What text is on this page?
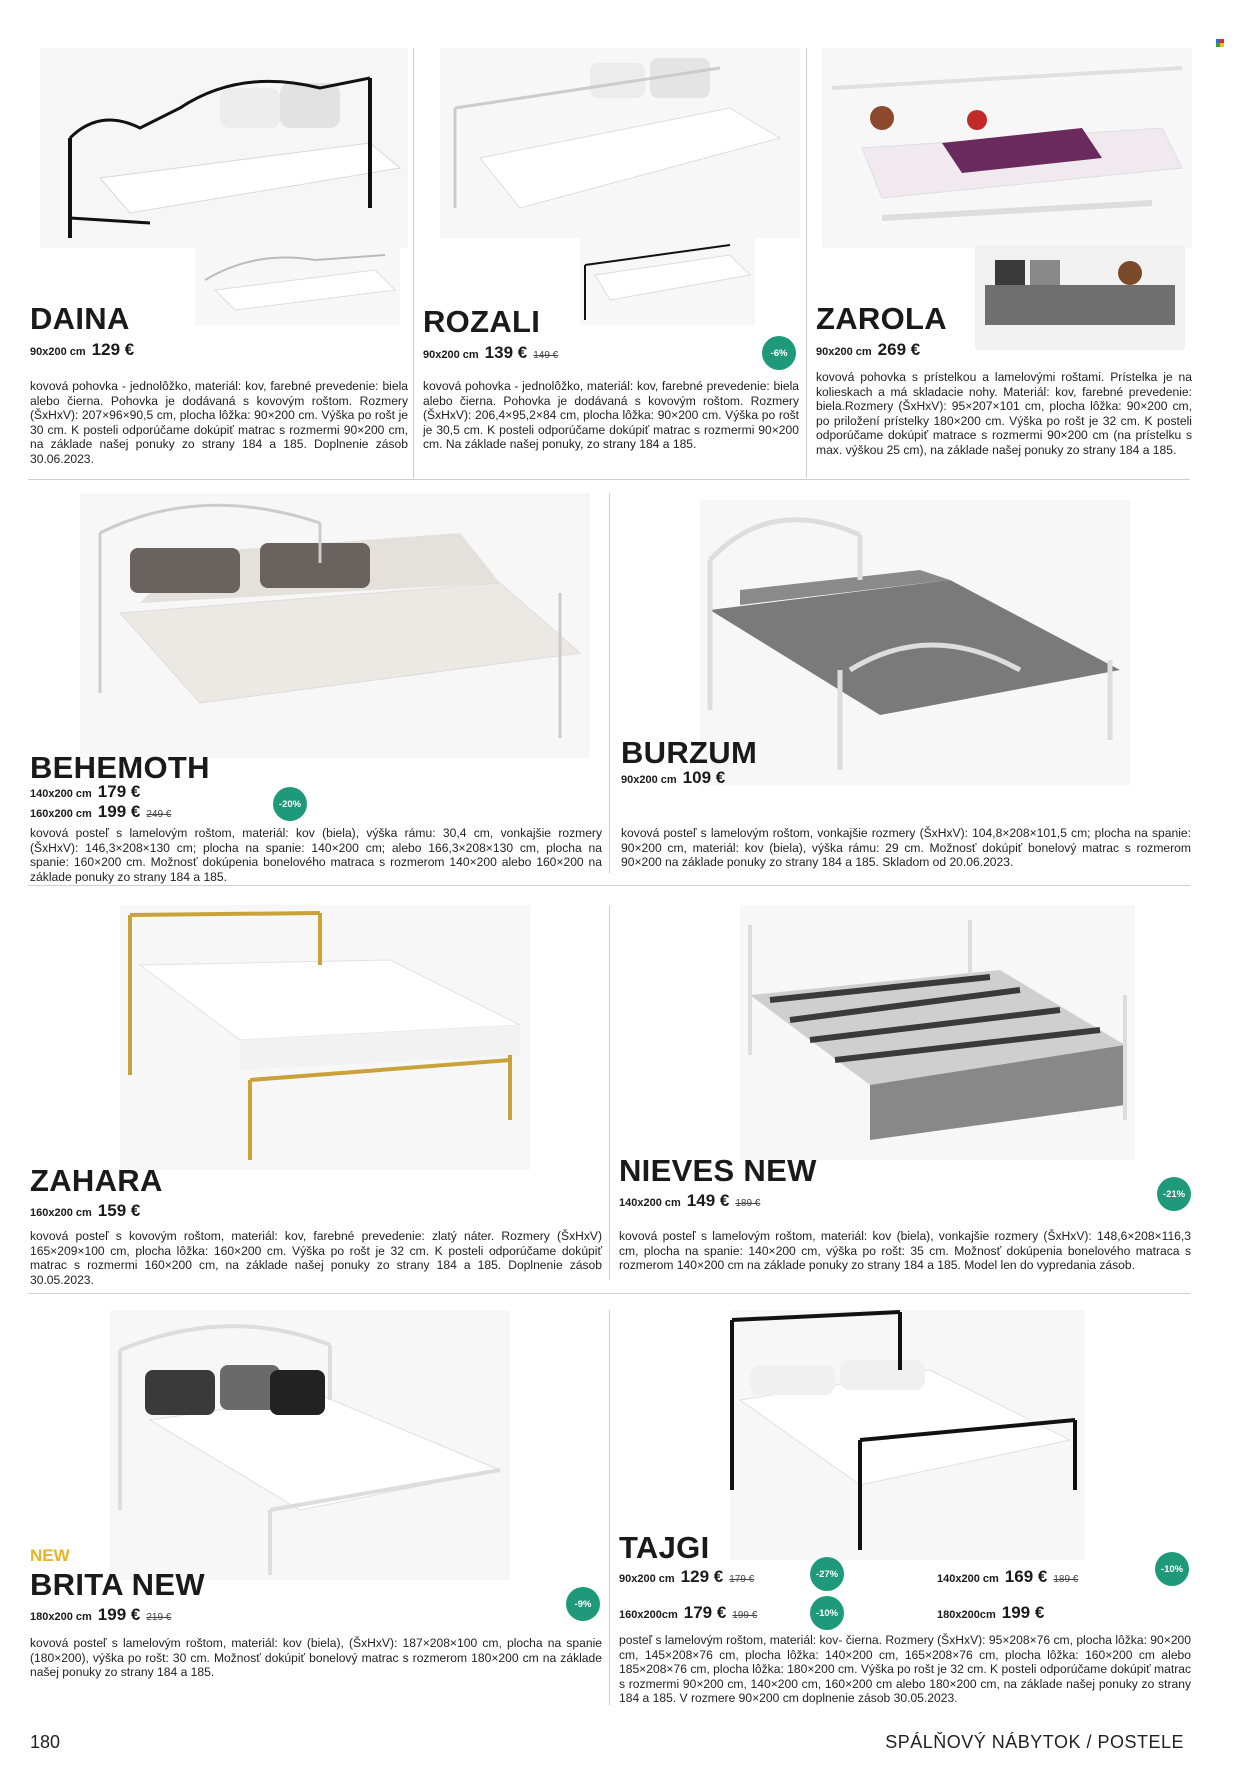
DAINA
90x200 cm 129 €
kovová pohovka - jednolôžko, materiál: kov, farebné prevedenie: biela alebo čierna. Pohovka je dodávaná s kovovým roštom. Rozmery (ŠxHxV): 207×96×90,5 cm, plocha lôžka: 90×200 cm. Výška po rošt je 30 cm. K posteli odporúčame dokúpiť matrac s rozmermi 90×200 cm, na základe našej ponuky zo strany 184 a 185. Doplnenie zásob 30.06.2023.
ROZALI
90x200 cm 139 € 149 €	-6%
kovová pohovka - jednolôžko, materiál: kov, farebné prevedenie: biela alebo čierna. Pohovka je dodávaná s kovovým roštom. Rozmery (ŠxHxV): 206,4×95,2×84 cm, plocha lôžka: 90×200 cm. Výška po rošt je 30,5 cm. K posteli odporúčame dokúpiť matrac s rozmermi 90×200 cm. Na základe našej ponuky, zo strany 184 a 185.
ZAROLA
90x200 cm 269 €
kovová pohovka s prístelkou a lamelovými roštami. Prístelka je na kolieskach a má skladacie nohy. Materiál: kov, farebné prevedenie: biela.Rozmery (ŠxHxV): 95×207×101 cm, plocha lôžka: 90×200 cm, po priložení prístelky 180×200 cm. Výška po rošt je 32 cm. K posteli odporúčame dokúpiť matrace s rozmermi 90×200 cm (na prístelku s max. výškou 25 cm), na základe našej ponuky zo strany 184 a 185.
BEHEMOTH
140x200 cm 179 €
160x200 cm 199 € 249 €
-20%
kovová posteľ s lamelovým roštom, materiál: kov (biela), výška rámu: 30,4 cm, vonkajšie rozmery (ŠxHxV): 146,3×208×130 cm; plocha na spanie: 140×200 cm; alebo 166,3×208×130 cm, plocha na spanie: 160×200 cm. Možnosť dokúpenia bonelového matraca s rozmerom 140×200 alebo 160×200 na základe ponuky zo strany 184 a 185.
BURZUM
90x200 cm 109 €
kovová posteľ s lamelovým roštom, vonkajšie rozmery (ŠxHxV): 104,8×208×101,5 cm; plocha na spanie: 90×200 cm, materiál: kov (biela), výška rámu: 29 cm. Možnosť dokúpiť bonelový matrac s rozmerom 90×200 na základe ponuky zo strany 184 a 185. Skladom od 20.06.2023.
ZAHARA
160x200 cm 159 €
kovová posteľ s kovovým roštom, materiál: kov, farebné prevedenie: zlatý náter. Rozmery (ŠxHxV) 165×209×100 cm, plocha lôžka: 160×200 cm. Výška po rošt je 32 cm. K posteli odporúčame dokúpiť matrac s rozmermi 160×200 cm, na základe našej ponuky zo strany 184 a 185. Doplnenie zásob 30.05.2023.
NIEVES NEW
140x200 cm 149 € 189 €
-21%
kovová posteľ s lamelovým roštom, materiál: kov (biela), vonkajšie rozmery (ŠxHxV): 148,6×208×116,3 cm, plocha na spanie: 140×200 cm, výška po rošt: 35 cm. Možnosť dokúpenia bonelového matraca s rozmerom 140×200 cm na základe ponuky zo strany 184 a 185. Model len do vypredania zásob.
NEW
BRITA NEW
180x200 cm 199 € 219 €
-9%
kovová posteľ s lamelovým roštom, materiál: kov (biela), (ŠxHxV): 187×208×100 cm, plocha na spanie (180×200), výška po rošt: 30 cm. Možnosť dokúpiť bonelový matrac s rozmerom 180×200 cm na základe našej ponuky zo strany 184 a 185.
TAJGI
90x200 cm 129 € 179 €	-27%
160x200cm 179 € 199 €	-10%
140x200 cm 169 € 189 €
-10%
180x200cm 199 €
posteľ s lamelovým roštom, materiál: kov- čierna. Rozmery (ŠxHxV): 95×208×76 cm, plocha lôžka: 90×200 cm, 145×208×76 cm, plocha lôžka: 140×200 cm, 165×208×76 cm, plocha lôžka: 160×200 cm alebo 185×208×76 cm, plocha lôžka: 180×200 cm. Výška po rošt je 32 cm. K posteli odporúčame dokúpiť matrac s rozmermi 90×200 cm, 140×200 cm, 160×200 cm alebo 180×200 cm, na základe našej ponuky zo strany 184 a 185. V rozmere 90×200 cm doplnenie zásob 30.05.2023.
180	SPÁLŇOVÝ NÁBYTOK / POSTELE
